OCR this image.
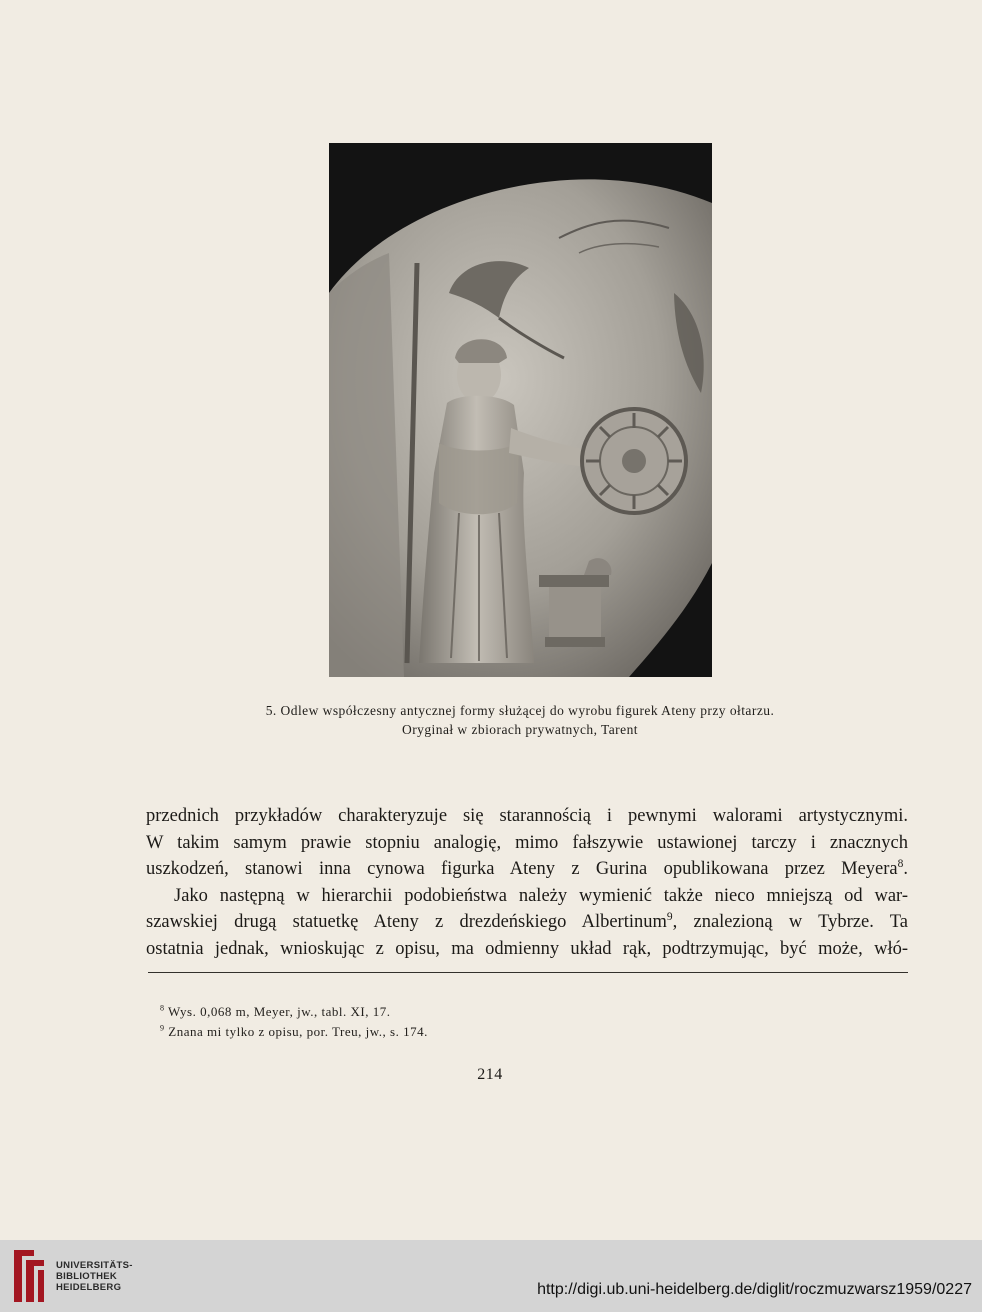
5. Odlew współczesny antycznej formy służącej do wyrobu figurek Ateny przy ołtarzu.
Oryginał w zbiorach prywatnych, Tarent

przednich przykładów charakteryzuje się starannością i pewnymi walorami artystycznymi.

W takim samym prawie stopniu analogię, mimo fałszywie ustawionej tarczy i znacznych

uszkodzeń, stanowi inna cynowa figurka Ateny z Gurina opublikowana przez Meyera$^8$.

Jako następną w hierarchii podobieństwa należy wymienić także nieco mniejszą od war-

szawskiej drugą statuetkę Ateny z drezdeńskiego Albertinum$^9$, znalezioną w Tybrze. Ta

ostatnia jednak, wnioskując z opisu, ma odmienny układ rąk, podtrzymując, być może, włó-

$^8$ Wys. 0,068 m, Meyer, jw., tabl. XI, 17.
$^9$ Znana mi tylko z opisu, por. Treu, jw., s. 174.
214
UNIVERSITÄTS-
BIBLIOTHEK
HEIDELBERG	http://digi.ub.uni-heidelberg.de/diglit/roczmuzwarsz1959/0227
